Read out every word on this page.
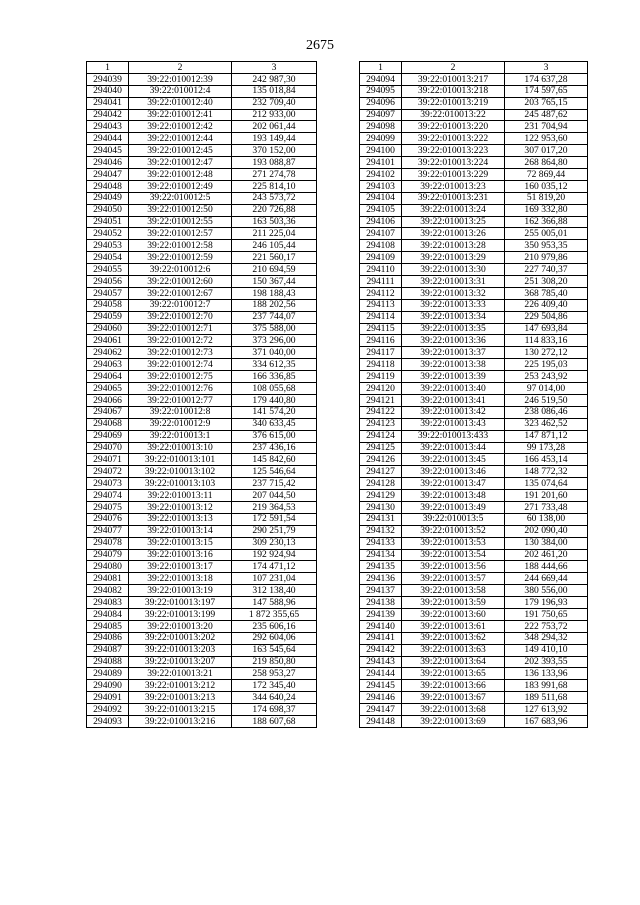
2675
1	2	3
294039	39:22:010012:39	242 987,30
294040	39:22:010012:4	135 018,84
294041	39:22:010012:40	232 709,40
294042	39:22:010012:41	212 933,00
294043	39:22:010012:42	202 061,44
294044	39:22:010012:44	193 149,44
294045	39:22:010012:45	370 152,00
294046	39:22:010012:47	193 088,87
294047	39:22:010012:48	271 274,78
294048	39:22:010012:49	225 814,10
294049	39:22:010012:5	243 573,72
294050	39:22:010012:50	220 726,88
294051	39:22:010012:55	163 503,36
294052	39:22:010012:57	211 225,04
294053	39:22:010012:58	246 105,44
294054	39:22:010012:59	221 560,17
294055	39:22:010012:6	210 694,59
294056	39:22:010012:60	150 367,44
294057	39:22:010012:67	198 188,43
294058	39:22:010012:7	188 202,56
294059	39:22:010012:70	237 744,07
294060	39:22:010012:71	375 588,00
294061	39:22:010012:72	373 296,00
294062	39:22:010012:73	371 040,00
294063	39:22:010012:74	334 612,35
294064	39:22:010012:75	166 336,85
294065	39:22:010012:76	108 055,68
294066	39:22:010012:77	179 440,80
294067	39:22:010012:8	141 574,20
294068	39:22:010012:9	340 633,45
294069	39:22:010013:1	376 615,00
294070	39:22:010013:10	237 436,16
294071	39:22:010013:101	145 842,60
294072	39:22:010013:102	125 546,64
294073	39:22:010013:103	237 715,42
294074	39:22:010013:11	207 044,50
294075	39:22:010013:12	219 364,53
294076	39:22:010013:13	172 591,54
294077	39:22:010013:14	290 251,79
294078	39:22:010013:15	309 230,13
294079	39:22:010013:16	192 924,94
294080	39:22:010013:17	174 471,12
294081	39:22:010013:18	107 231,04
294082	39:22:010013:19	312 138,40
294083	39:22:010013:197	147 588,96
294084	39:22:010013:199	1 872 355,65
294085	39:22:010013:20	235 606,16
294086	39:22:010013:202	292 604,06
294087	39:22:010013:203	163 545,64
294088	39:22:010013:207	219 850,80
294089	39:22:010013:21	258 953,27
294090	39:22:010013:212	172 345,40
294091	39:22:010013:213	344 640,24
294092	39:22:010013:215	174 698,37
294093	39:22:010013:216	188 607,68
1	2	3
294094	39:22:010013:217	174 637,28
294095	39:22:010013:218	174 597,65
294096	39:22:010013:219	203 765,15
294097	39:22:010013:22	245 487,62
294098	39:22:010013:220	231 704,94
294099	39:22:010013:222	122 953,60
294100	39:22:010013:223	307 017,20
294101	39:22:010013:224	268 864,80
294102	39:22:010013:229	72 869,44
294103	39:22:010013:23	160 035,12
294104	39:22:010013:231	51 819,20
294105	39:22:010013:24	169 332,80
294106	39:22:010013:25	162 366,88
294107	39:22:010013:26	255 005,01
294108	39:22:010013:28	350 953,35
294109	39:22:010013:29	210 979,86
294110	39:22:010013:30	227 740,37
294111	39:22:010013:31	251 308,20
294112	39:22:010013:32	368 785,40
294113	39:22:010013:33	226 409,40
294114	39:22:010013:34	229 504,86
294115	39:22:010013:35	147 693,84
294116	39:22:010013:36	114 833,16
294117	39:22:010013:37	130 272,12
294118	39:22:010013:38	225 195,03
294119	39:22:010013:39	253 243,92
294120	39:22:010013:40	97 014,00
294121	39:22:010013:41	246 519,50
294122	39:22:010013:42	238 086,46
294123	39:22:010013:43	323 462,52
294124	39:22:010013:433	147 871,12
294125	39:22:010013:44	99 173,28
294126	39:22:010013:45	166 453,14
294127	39:22:010013:46	148 772,32
294128	39:22:010013:47	135 074,64
294129	39:22:010013:48	191 201,60
294130	39:22:010013:49	271 733,48
294131	39:22:010013:5	60 138,00
294132	39:22:010013:52	202 090,40
294133	39:22:010013:53	130 384,00
294134	39:22:010013:54	202 461,20
294135	39:22:010013:56	188 444,66
294136	39:22:010013:57	244 669,44
294137	39:22:010013:58	380 556,00
294138	39:22:010013:59	179 196,93
294139	39:22:010013:60	191 750,65
294140	39:22:010013:61	222 753,72
294141	39:22:010013:62	348 294,32
294142	39:22:010013:63	149 410,10
294143	39:22:010013:64	202 393,55
294144	39:22:010013:65	136 133,96
294145	39:22:010013:66	183 991,68
294146	39:22:010013:67	189 511,68
294147	39:22:010013:68	127 613,92
294148	39:22:010013:69	167 683,96
